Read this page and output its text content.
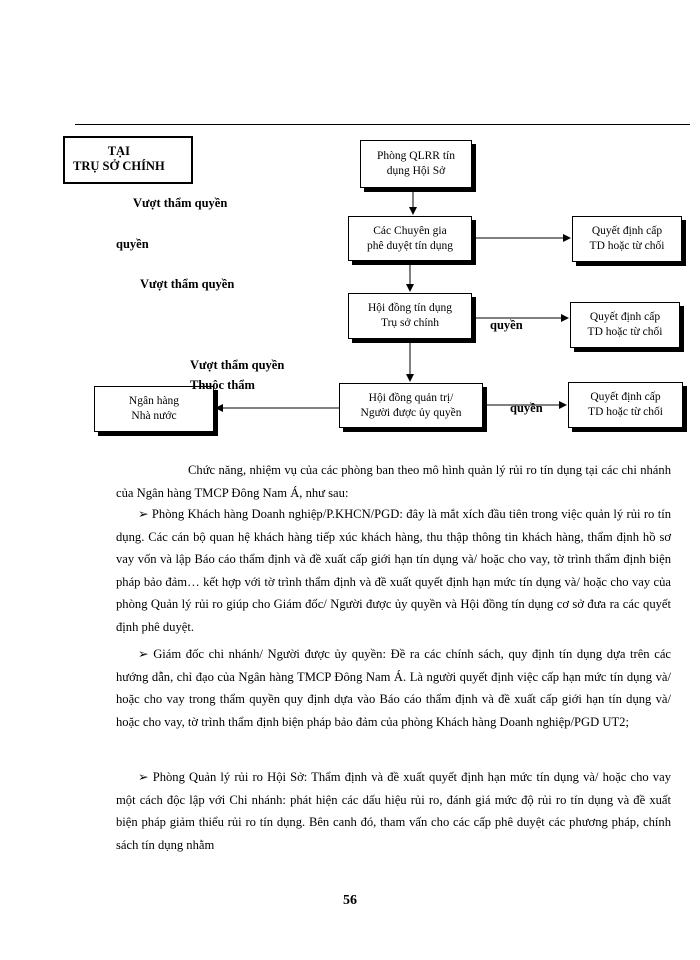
TẠI
TRỤ SỞ CHÍNH
Phòng QLRR tín
dụng Hội Sở
Các Chuyên gia
phê duyệt tín dụng
Hội đồng tín dụng
Trụ sở chính
Hội đồng quản trị/
Người được ủy quyền
Ngân hàng
Nhà nước
Quyết định cấp
TD hoặc từ chối
Quyết định cấp
TD hoặc từ chối
Quyết định cấp
TD hoặc từ chối
Vượt thẩm quyền
quyền
Vượt thẩm quyền
Vượt thẩm quyền
Thuộc thẩm
quyền
quyền
Chức năng, nhiệm vụ của các phòng ban theo mô hình quản lý rủi ro tín dụng tại các chi nhánh của Ngân hàng TMCP Đông Nam Á, như sau:
➢ Phòng Khách hàng Doanh nghiệp/P.KHCN/PGD: đây là mắt xích đầu tiên trong việc quản lý rủi ro tín dụng. Các cán bộ quan hệ khách hàng tiếp xúc khách hàng, thu thập thông tin khách hàng, thẩm định hồ sơ vay vốn và lập Báo cáo thẩm định và đề xuất cấp giới hạn tín dụng và/ hoặc cho vay, tờ trình thẩm định biện pháp bảo đảm… kết hợp với tờ trình thẩm định và đề xuất quyết định hạn mức tín dụng và/ hoặc cho vay của phòng Quản lý rủi ro giúp cho Giám đốc/ Người được ủy quyền và Hội đồng tín dụng cơ sở đưa ra các quyết định phê duyệt.
➢ Giám đốc chi nhánh/ Người được ủy quyền: Đề ra các chính sách, quy định tín dụng dựa trên các hướng dẫn, chỉ đạo của Ngân hàng TMCP Đông Nam Á. Là người quyết định việc cấp hạn mức tín dụng và/ hoặc cho vay trong thẩm quyền quy định dựa vào Báo cáo thẩm định và đề xuất cấp giới hạn tín dụng và/ hoặc cho vay, tờ trình thẩm định biện pháp bảo đảm của phòng Khách hàng Doanh nghiệp/PGD UT2;
➢ Phòng Quản lý rủi ro Hội Sở: Thẩm định và đề xuất quyết định hạn mức tín dụng và/ hoặc cho vay một cách độc lập với Chi nhánh: phát hiện các dấu hiệu rủi ro, đánh giá mức độ rủi ro tín dụng và đề xuất biện pháp giảm thiểu rủi ro tín dụng. Bên canh đó, tham vấn cho các cấp phê duyệt các phương pháp, chính sách tín dụng nhằm
56
